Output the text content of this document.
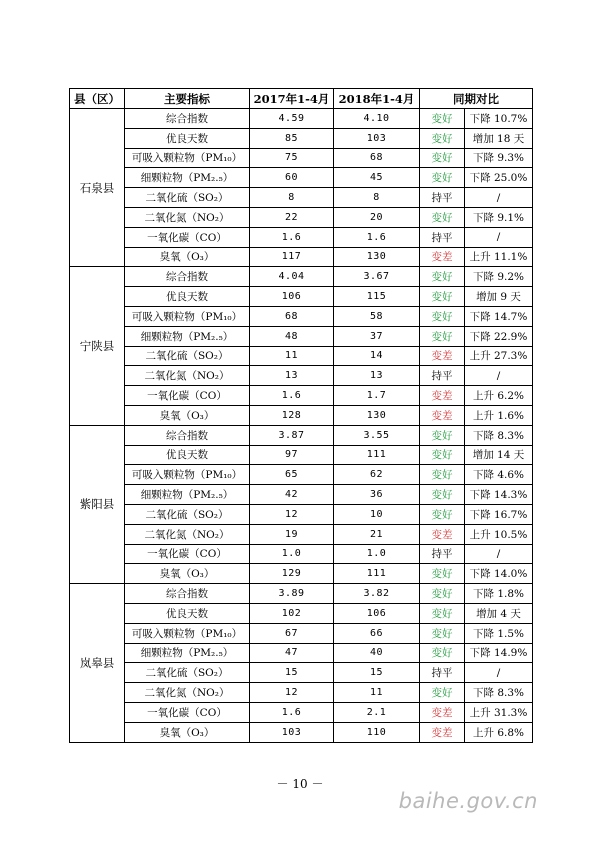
县（区）	主要指标	2017年1-4月	2018年1-4月	同期对比	
石泉县	综合指数	4.59	4.10	变好	下降 10.7%
	优良天数	85	103	变好	增加 18 天
	可吸入颗粒物（PM₁₀）	75	68	变好	下降 9.3%
	细颗粒物（PM₂.₅）	60	45	变好	下降 25.0%
	二氧化硫（SO₂）	8	8	持平	/
	二氧化氮（NO₂）	22	20	变好	下降 9.1%
	一氧化碳（CO）	1.6	1.6	持平	/
	臭氧（O₃）	117	130	变差	上升 11.1%
宁陕县	综合指数	4.04	3.67	变好	下降 9.2%
	优良天数	106	115	变好	增加 9 天
	可吸入颗粒物（PM₁₀）	68	58	变好	下降 14.7%
	细颗粒物（PM₂.₅）	48	37	变好	下降 22.9%
	二氧化硫（SO₂）	11	14	变差	上升 27.3%
	二氧化氮（NO₂）	13	13	持平	/
	一氧化碳（CO）	1.6	1.7	变差	上升 6.2%
	臭氧（O₃）	128	130	变差	上升 1.6%
紫阳县	综合指数	3.87	3.55	变好	下降 8.3%
	优良天数	97	111	变好	增加 14 天
	可吸入颗粒物（PM₁₀）	65	62	变好	下降 4.6%
	细颗粒物（PM₂.₅）	42	36	变好	下降 14.3%
	二氧化硫（SO₂）	12	10	变好	下降 16.7%
	二氧化氮（NO₂）	19	21	变差	上升 10.5%
	一氧化碳（CO）	1.0	1.0	持平	/
	臭氧（O₃）	129	111	变好	下降 14.0%
岚皋县	综合指数	3.89	3.82	变好	下降 1.8%
	优良天数	102	106	变好	增加 4 天
	可吸入颗粒物（PM₁₀）	67	66	变好	下降 1.5%
	细颗粒物（PM₂.₅）	47	40	变好	下降 14.9%
	二氧化硫（SO₂）	15	15	持平	/
	二氧化氮（NO₂）	12	11	变好	下降 8.3%
	一氧化碳（CO）	1.6	2.1	变差	上升 31.3%
	臭氧（O₃）	103	110	变差	上升 6.8%
－ 10 －
baihe.gov.cn
